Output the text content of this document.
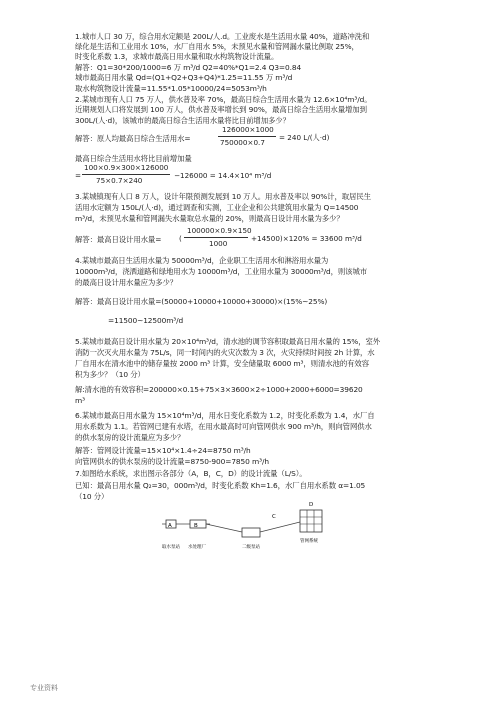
1.城市人口 30 万，综合用水定额是 200L/人.d。工业废水是生活用水量 40%，道路冲洗和
绿化是生活和工业用水 10%，水厂自用水 5%，未预见水量和管网漏水量比例取 25%，
时变化系数 1.3，求城市最高日用水量和取水构筑物设计流量。
解答：Q1=30*200/1000=6 万 m³/d Q2=40%*Q1=2.4 Q3=0.84
城市最高日用水量 Qd=(Q1+Q2+Q3+Q4)*1.25=11.55 万 m³/d
取水构筑物设计流量=11.55*1.05*10000/24=5053m³/h
2.某城市现有人口 75 万人，供水普及率 70%，最高日综合生活用水量为 12.6×10⁴m³/d。
近期规划人口将发展到 100 万人，供水普及率增长到 90%，最高日综合生活用水量增加到
300L/(人·d)，该城市的最高日综合生活用水量将比目前增加多少？
解答：原人均最高日综合生活用水=
126000×1000
750000×0.7
= 240 L/(人·d)
最高日综合生活用水将比目前增加量
=
100×0.9×300×126000
75×0.7×240
−126000 = 14.4×10⁴ m³/d
3.某城镇现有人口 8 万人，设计年限预测发展到 10 万人。用水普及率以 90%计，取居民生
活用水定额为 150L/(人·d)，通过调查和实测，工业企业和公共建筑用水量为 Q=14500
m³/d，未预见水量和管网漏失水量取总水量的 20%，则最高日设计用水量为多少？
解答：最高日设计用水量=	(
100000×0.9×150
1000
+14500)×120% = 33600 m³/d
4.某城市最高日生活用水量为 50000m³/d，企业职工生活用水和淋浴用水量为
10000m³/d，浇洒道路和绿地用水为 10000m³/d，工业用水量为 30000m³/d，则该城市
的最高日设计用水量应为多少？
解答：最高日设计用水量=(50000+10000+10000+30000)×(15%~25%)
=11500~12500m³/d
5.某城市最高日设计用水量为 20×10⁴m³/d，清水池的调节容积取最高日用水量的 15%，室外
消防一次灭火用水量为 75L/s，同一时间内的火灾次数为 3 次，火灾持续时间按 2h 计算，水
厂自用水在清水池中的储存量按 2000 m³ 计算，安全储量取 6000 m³，则清水池的有效容
积为多少？（10 分）
解:清水池的有效容积=200000×0.15+75×3×3600×2÷1000+2000+6000=39620
m³
6.某城市最高日用水量为 15×10⁴m³/d，用水日变化系数为 1.2，时变化系数为 1.4，水厂自
用水系数为 1.1。若管网已建有水塔，在用水最高时可向管网供水 900 m³/h，则向管网供水
的供水泵房的设计流量应为多少？
解答：管网设计流量=15×10⁴×1.4÷24=8750 m³/h
向管网供水的供水泵房的设计流量=8750-900=7850 m³/h
7.如图给水系统，求出图示各部分（A，B，C，D）的设计流量（L/S）。
已知：最高日用水量 Q₂=30，000m³/d，时变化系数 Kh=1.6，水厂自用水系数 α=1.05
（10 分）
A	B
C
D
取水泵站 水处理厂	二级泵站
管网系统
专业资料
